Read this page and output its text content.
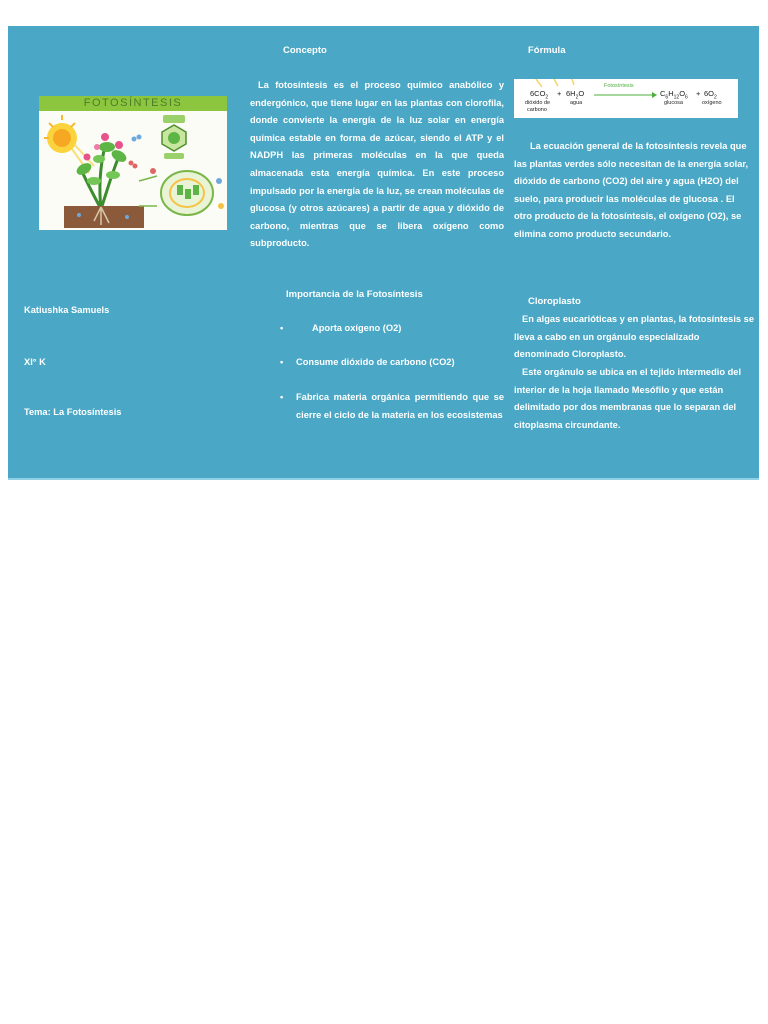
FOTOSÍNTESIS
Katiushka Samuels
XI° K
Tema: La Fotosíntesis
Concepto
La fotosíntesis es el proceso químico anabólico y endergónico, que tiene lugar en las plantas con clorofila, donde convierte la energía de la luz solar en energía química estable en forma de azúcar, siendo el ATP y el NADPH las primeras moléculas en la que queda almacenada esta energía química. En este proceso impulsado por la energía de la luz, se crean moléculas de glucosa (y otros azúcares) a partir de agua y dióxido de carbono, mientras que se libera oxígeno como subproducto.
Importancia de la Fotosíntesis
•	Aporta oxígeno (O2)
• Consume dióxido de carbono (CO2)
• Fabrica materia orgánica permitiendo que se cierre el ciclo de la materia en los ecosistemas
Fórmula
$6CO_2 + 6H_2O$
Fotosíntesis
$C_6H_{12}O_6 + 6O_2$
dióxido de
carbono
agua	glucosa	oxígeno
La ecuación general de la fotosíntesis revela que las plantas verdes sólo necesitan de la energía solar, dióxido de carbono (CO2) del aire y agua (H2O) del suelo, para producir las moléculas de glucosa . El otro producto de la fotosíntesis, el oxígeno (O2), se elimina como producto secundario.
Cloroplasto
En algas eucarióticas y en plantas, la fotosíntesis se lleva a cabo en un orgánulo especializado denominado Cloroplasto.
Este orgánulo se ubica en el tejido intermedio del interior de la hoja llamado Mesófilo y que están delimitado por dos membranas que lo separan del citoplasma circundante.
